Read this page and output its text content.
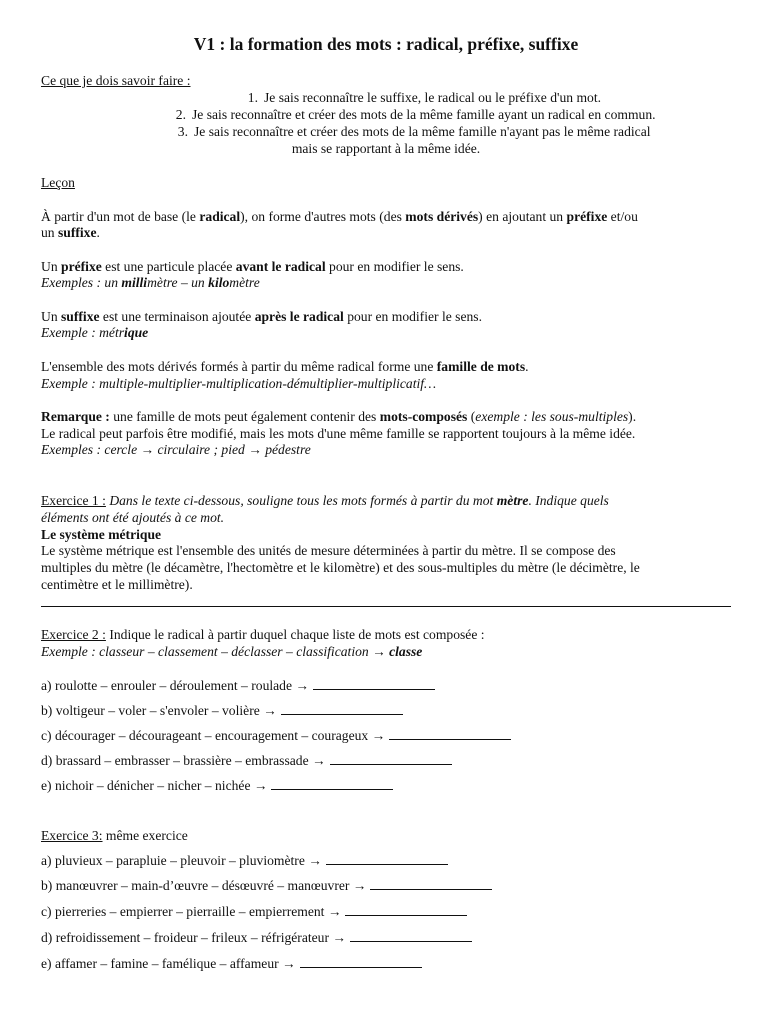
V1 : la formation des mots : radical, préfixe, suffixe
Ce que je dois savoir faire :
1. Je sais reconnaître le suffixe, le radical ou le préfixe d'un mot.
2. Je sais reconnaître et créer des mots de la même famille ayant un radical en commun.
3. Je sais reconnaître et créer des mots de la même famille n'ayant pas le même radical
mais se rapportant à la même idée.
Leçon
À partir d'un mot de base (le radical), on forme d'autres mots (des mots dérivés) en ajoutant un préfixe et/ou
un suffixe.
Un préfixe est une particule placée avant le radical pour en modifier le sens.
Exemples : un millimètre – un kilomètre
Un suffixe est une terminaison ajoutée après le radical pour en modifier le sens.
Exemple : métrique
L'ensemble des mots dérivés formés à partir du même radical forme une famille de mots.
Exemple : multiple-multiplier-multiplication-démultiplier-multiplicatif…
Remarque : une famille de mots peut également contenir des mots-composés (exemple : les sous-multiples).
Le radical peut parfois être modifié, mais les mots d'une même famille se rapportent toujours à la même idée.
Exemples : cercle → circulaire ; pied → pédestre
Exercice 1 : Dans le texte ci-dessous, souligne tous les mots formés à partir du mot mètre. Indique quels
éléments ont été ajoutés à ce mot.
Le système métrique
Le système métrique est l'ensemble des unités de mesure déterminées à partir du mètre. Il se compose des
multiples du mètre (le décamètre, l'hectomètre et le kilomètre) et des sous-multiples du mètre (le décimètre, le
centimètre et le millimètre).
Exercice 2 : Indique le radical à partir duquel chaque liste de mots est composée :
Exemple : classeur – classement – déclasser – classification → classe
a) roulotte – enrouler – déroulement – roulade →
b) voltigeur – voler – s'envoler – volière →
c) décourager – décourageant – encouragement – courageux →
d) brassard – embrasser – brassière – embrassade →
e) nichoir – dénicher – nicher – nichée →
Exercice 3: même exercice
a) pluvieux – parapluie – pleuvoir – pluviomètre →
b) manœuvrer – main-d’œuvre – désœuvré – manœuvrer →
c) pierreries – empierrer – pierraille – empierrement →
d) refroidissement – froideur – frileux – réfrigérateur →
e) affamer – famine – famélique – affameur →
